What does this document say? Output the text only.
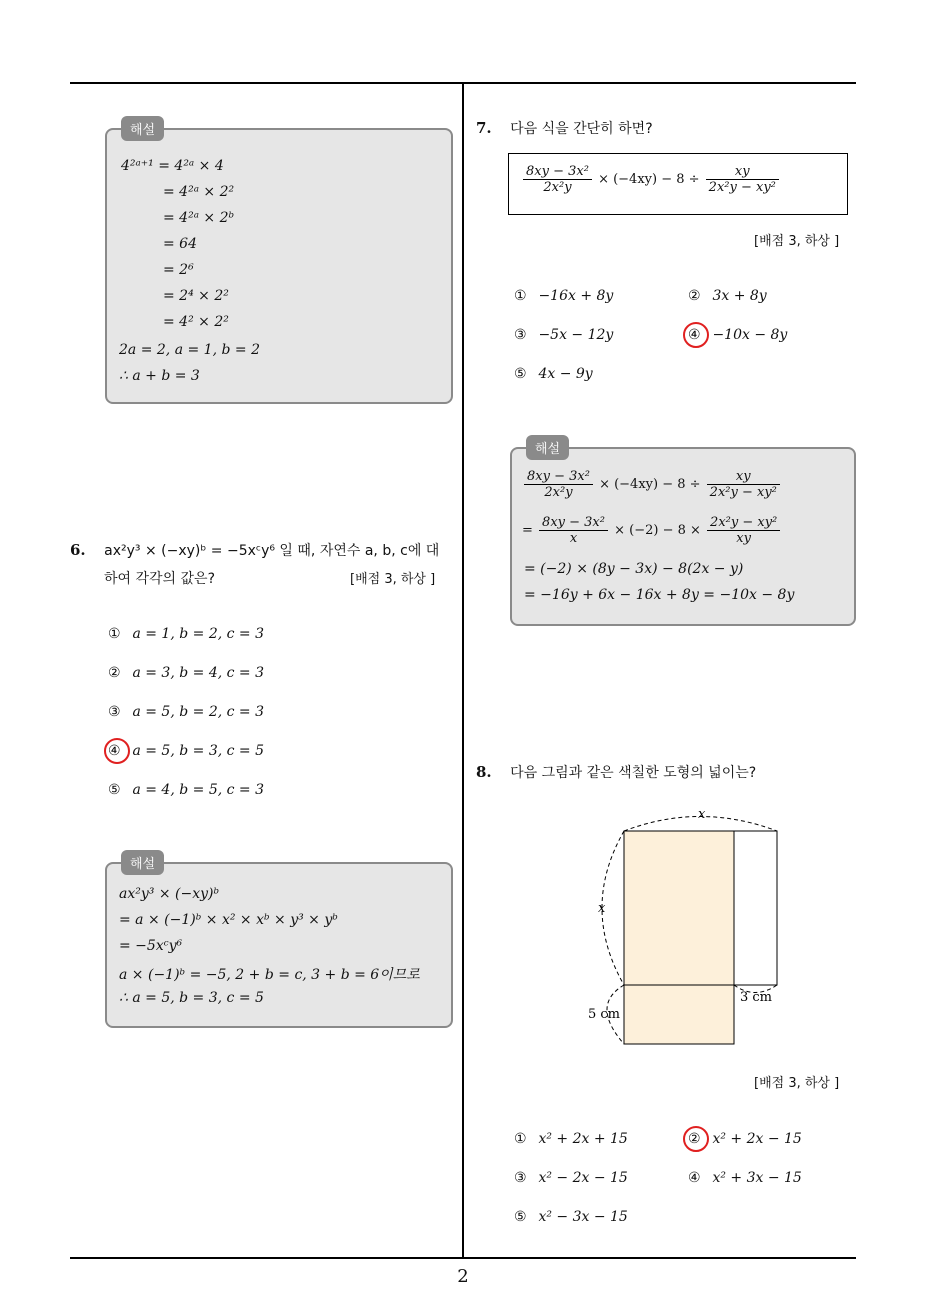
2
해설
4²ᵃ⁺¹ = 4²ᵃ × 4
= 4²ᵃ × 2²
= 4²ᵃ × 2ᵇ
= 64
= 2⁶
= 2⁴ × 2²
= 4² × 2²
2a = 2, a = 1, b = 2
∴ a + b = 3
6. ax²y³ × (−xy)ᵇ = −5xᶜy⁶ 일 때, 자연수 a, b, c에 대
하여 각각의 값은?	[배점 3, 하상 ]
① a = 1, b = 2, c = 3
② a = 3, b = 4, c = 3
③ a = 5, b = 2, c = 3
④ a = 5, b = 3, c = 5
⑤ a = 4, b = 5, c = 3
해설
ax²y³ × (−xy)ᵇ
= a × (−1)ᵇ × x² × xᵇ × y³ × yᵇ
= −5xᶜy⁶
a × (−1)ᵇ = −5, 2 + b = c, 3 + b = 6이므로
∴ a = 5, b = 3, c = 5
7. 다음 식을 간단히 하면?
$\frac{\text{8xy − 3x²}}{\text{2x²y}} \times (-4xy) - 8 \div \frac{xy}{\text{2x²y − xy²}}$
[배점 3, 하상 ]
① −16x + 8y	② 3x + 8y
③ −5x − 12y	④ −10x − 8y
⑤ 4x − 9y
해설
$\frac{\text{8xy − 3x²}}{\text{2x²y}} \times (-4xy) - 8 \div \frac{xy}{\text{2x²y − xy²}}$
= $\frac{\text{8xy − 3x²}}{x} \times (-2) - 8 \times \frac{\text{2x²y − xy²}}{xy}$
= (−2) × (8y − 3x) − 8(2x − y)
= −16y + 6x − 16x + 8y = −10x − 8y
8. 다음 그림과 같은 색칠한 도형의 넓이는?
x
x
5 cm
3 cm
[배점 3, 하상 ]
① x² + 2x + 15	② x² + 2x − 15
③ x² − 2x − 15	④ x² + 3x − 15
⑤ x² − 3x − 15
